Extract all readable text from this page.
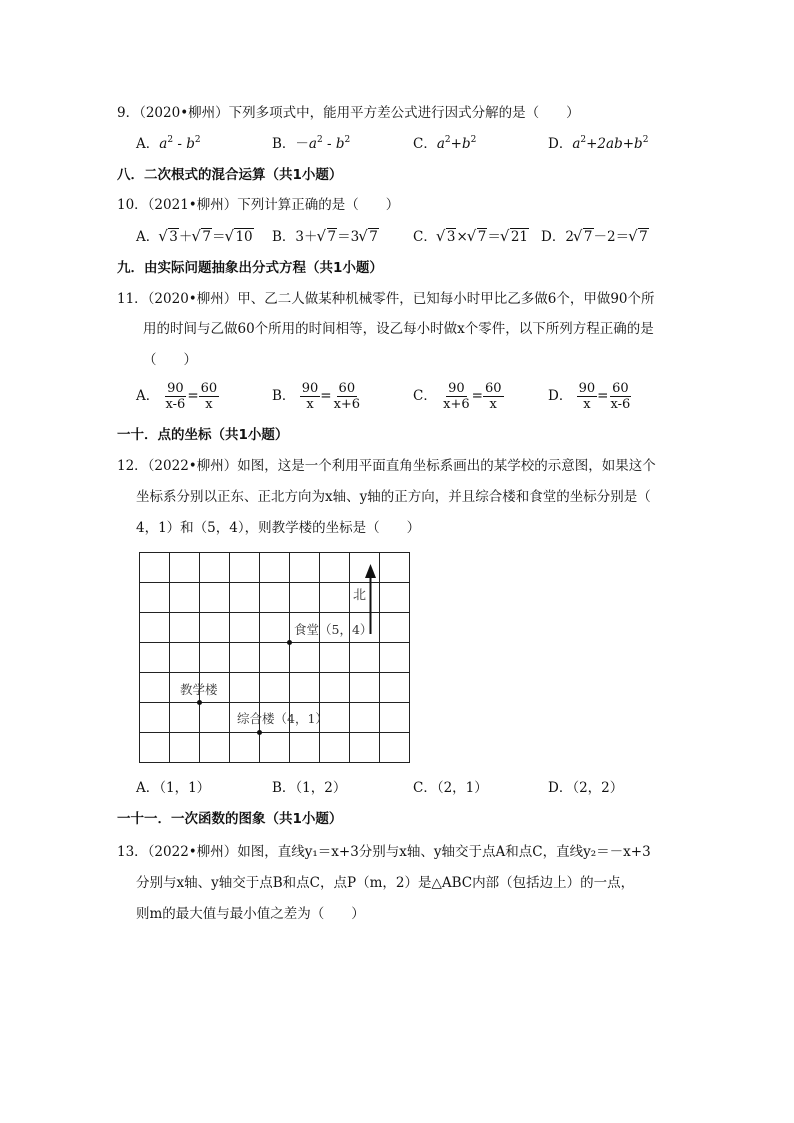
9．（2020•柳州）下列多项式中，能用平方差公式进行因式分解的是（　　）
A．$a^2 - b^2$	B．$-a^2 - b^2$	C．$a^2+b^2$	D．$a^2+2ab+b^2$
八．二次根式的混合运算（共1小题）
10．（2021•柳州）下列计算正确的是（　　）
A． √ 3＋ √ 7＝ √ 10 B．3＋ √ 7＝3 √ 7	C． √ 3× √ 7＝ √ 21 D．2 √ 7－2＝ √ 7
九．由实际问题抽象出分式方程（共1小题）
11．（2020•柳州）甲、乙二人做某种机械零件，已知每小时甲比乙多做6个，甲做90个所
用的时间与乙做60个所用的时间相等，设乙每小时做x个零件，以下所列方程正确的是
（　　）
A． $\frac{90}{x-6} = \frac{60}{x}$	B． $\frac{90}{x} = \frac{60}{x+6}$	C． $\frac{90}{x+6} = \frac{60}{x}$	D． $\frac{90}{x} = \frac{60}{x-6}$
一十．点的坐标（共1小题）
12．（2022•柳州）如图，这是一个利用平面直角坐标系画出的某学校的示意图，如果这个
坐标系分别以正东、正北方向为x轴、y轴的正方向，并且综合楼和食堂的坐标分别是（
4，1）和（5，4），则教学楼的坐标是（　　）
北
食堂（5，4）
教学楼
综合楼（4，1）
A．（1，1）	B．（1，2）	C．（2，1）	D．（2，2）
一十一．一次函数的图象（共1小题）
13．（2022•柳州）如图，直线y₁＝x+3分别与x轴、y轴交于点A和点C，直线y₂＝－x+3
分别与x轴、y轴交于点B和点C，点P（m，2）是△ABC内部（包括边上）的一点，
则m的最大值与最小值之差为（　　）
